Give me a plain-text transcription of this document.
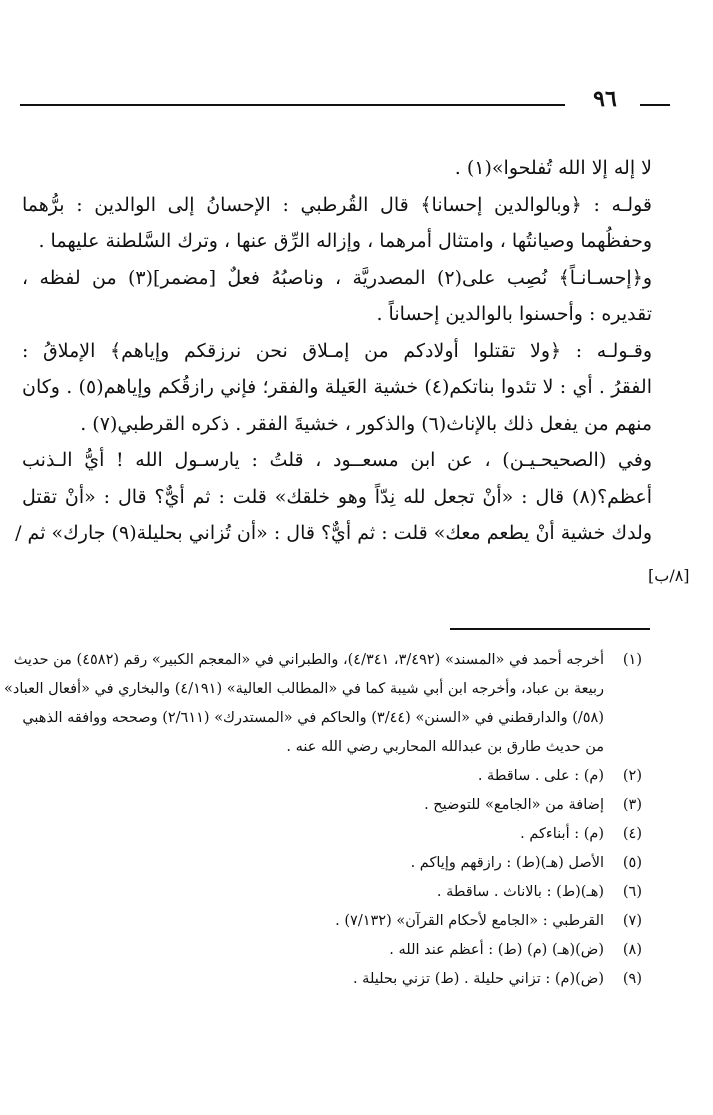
٩٦
لا إله إلا الله تُفلحوا»(١) .
قولـه : ﴿وبالوالدين إحسانا﴾ قال القُرطبي : الإحسانُ إلى الوالدين : برُّهما
وحفظُهما وصيانتُها ، وامتثال أمرهما ، وإزاله الرِّق عنها ، وترك السَّلطنة عليهما .
و﴿إحسـانـاً﴾ نُصِب على(٢) المصدريَّة ، وناصبُهُ فعلٌ [مضمر](٣) من لفظه ،
تقديره : وأحسنوا بالوالدين إحساناً .
وقـولـه : ﴿ولا تقتلوا أولادكم من إمـلاق نحن نرزقكم وإياهم﴾ الإملاقُ :
الفقرُ . أي : لا تئدوا بناتكم(٤) خشية العَيلة والفقر؛ فإني رازقُكم وإياهم(٥) . وكان
منهم من يفعل ذلك بالإناث(٦) والذكور ، خشيةَ الفقر . ذكره القرطبي(٧) .
وفي (الصحيحـيـن) ، عن ابن مسعــود ، قلتُ : يارسـول الله ! أيُّ الـذنب
أعظم؟(٨) قال : «أنْ تجعل لله نِدّاً وهو خلقك» قلت : ثم أيٌّ؟ قال : «أنْ تقتل
ولدك خشية أنْ يطعم معك» قلت : ثم أيٌّ؟ قال : «أن تُزاني بحليلة(٩) جارك» ثم /
[٨/ب]
(١)أخرجه أحمد في «المسند» (٣/٤٩٢، ٤/٣٤١)، والطبراني في «المعجم الكبير» رقم (٤٥٨٢) من حديث
ربيعة بن عباد، وأخرجه ابن أبي شيبة كما في «المطالب العالية» (٤/١٩١) والبخاري في «أفعال العباد»
(٥٨/) والدارقطني في «السنن» (٣/٤٤) والحاكم في «المستدرك» (٢/٦١١) وصححه ووافقه الذهبي
من حديث طارق بن عبدالله المحاربي رضي الله عنه .
(٢)(م) : على . ساقطة .
(٣)إضافة من «الجامع» للتوضيح .
(٤)(م) : أبناءكم .
(٥)الأصل (هـ)(ط) : رازقهم وإياكم .
(٦)(هـ)(ط) : بالاناث . ساقطة .
(٧)القرطبي : «الجامع لأحكام القرآن» (٧/١٣٢) .
(٨)(ض)(هـ) (م) (ط) : أعظم عند الله .
(٩)(ض)(م) : تزاني حليلة . (ط) تزني بحليلة .
